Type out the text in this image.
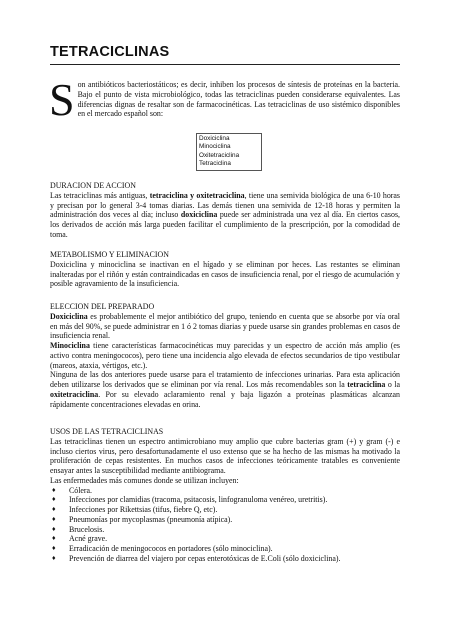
TETRACICLINAS

S on antibióticos bacteriostáticos; es decir, inhiben los procesos de síntesis de proteínas en la bacteria. Bajo el punto de vista microbiológico, todas las tetraciclinas pueden considerarse equivalentes. Las diferencias dignas de resaltar son de farmacocinéticas. Las tetraciclinas de uso sistémico disponibles en el mercado español son:

Doxiciclina
Minociclina
Oxitetraciclina
Tetraciclina

DURACION DE ACCION

Las tetraciclinas más antiguas, tetraciclina y oxitetraciclina, tiene una semivida biológica de una 6-10 horas y precisan por lo general 3-4 tomas diarias. Las demás tienen una semivida de 12-18 horas y permiten la administración dos veces al día; incluso doxiciclina puede ser administrada una vez al día. En ciertos casos, los derivados de acción más larga pueden facilitar el cumplimiento de la prescripción, por la comodidad de toma.

METABOLISMO Y ELIMINACION

Doxiciclina y minociclina se inactivan en el hígado y se eliminan por heces. Las restantes se eliminan inalteradas por el riñón y están contraindicadas en casos de insuficiencia renal, por el riesgo de acumulación y posible agravamiento de la insuficiencia.

ELECCION DEL PREPARADO

Doxiciclina es probablemente el mejor antibiótico del grupo, teniendo en cuenta que se absorbe por vía oral en más del 90%, se puede administrar en 1 ó 2 tomas diarias y puede usarse sin grandes problemas en casos de insuficiencia renal.

Minociclina tiene características farmacocinéticas muy parecidas y un espectro de acción más amplio (es activo contra meningococos), pero tiene una incidencia algo elevada de efectos secundarios de tipo vestibular (mareos, ataxia, vértigos, etc.).

Ninguna de las dos anteriores puede usarse para el tratamiento de infecciones urinarias. Para esta aplicación deben utilizarse los derivados que se eliminan por vía renal. Los más recomendables son la tetraciclina o la oxitetraciclina. Por su elevado aclaramiento renal y baja ligazón a proteínas plasmáticas alcanzan rápidamente concentraciones elevadas en orina.

USOS DE LAS TETRACICLINAS

Las tetraciclinas tienen un espectro antimicrobiano muy amplio que cubre bacterias gram (+) y gram (-) e incluso ciertos virus, pero desafortunadamente el uso extenso que se ha hecho de las mismas ha motivado la proliferación de cepas resistentes. En muchos casos de infecciones teóricamente tratables es conveniente ensayar antes la susceptibilidad mediante antibiograma.

Las enfermedades más comunes donde se utilizan incluyen:

♦ Cólera.
♦ Infecciones por clamidias (tracoma, psitacosis, linfogranuloma venéreo, uretritis).
♦ Infecciones por Rikettsias (tifus, fiebre Q, etc).
♦ Pneumonías por mycoplasmas (pneumonía atípica).
♦ Brucelosis.
♦ Acné grave.
♦ Erradicación de meningococos en portadores (sólo minociclina).
♦ Prevención de diarrea del viajero por cepas enterotóxicas de E.Coli (sólo doxiciclina).
